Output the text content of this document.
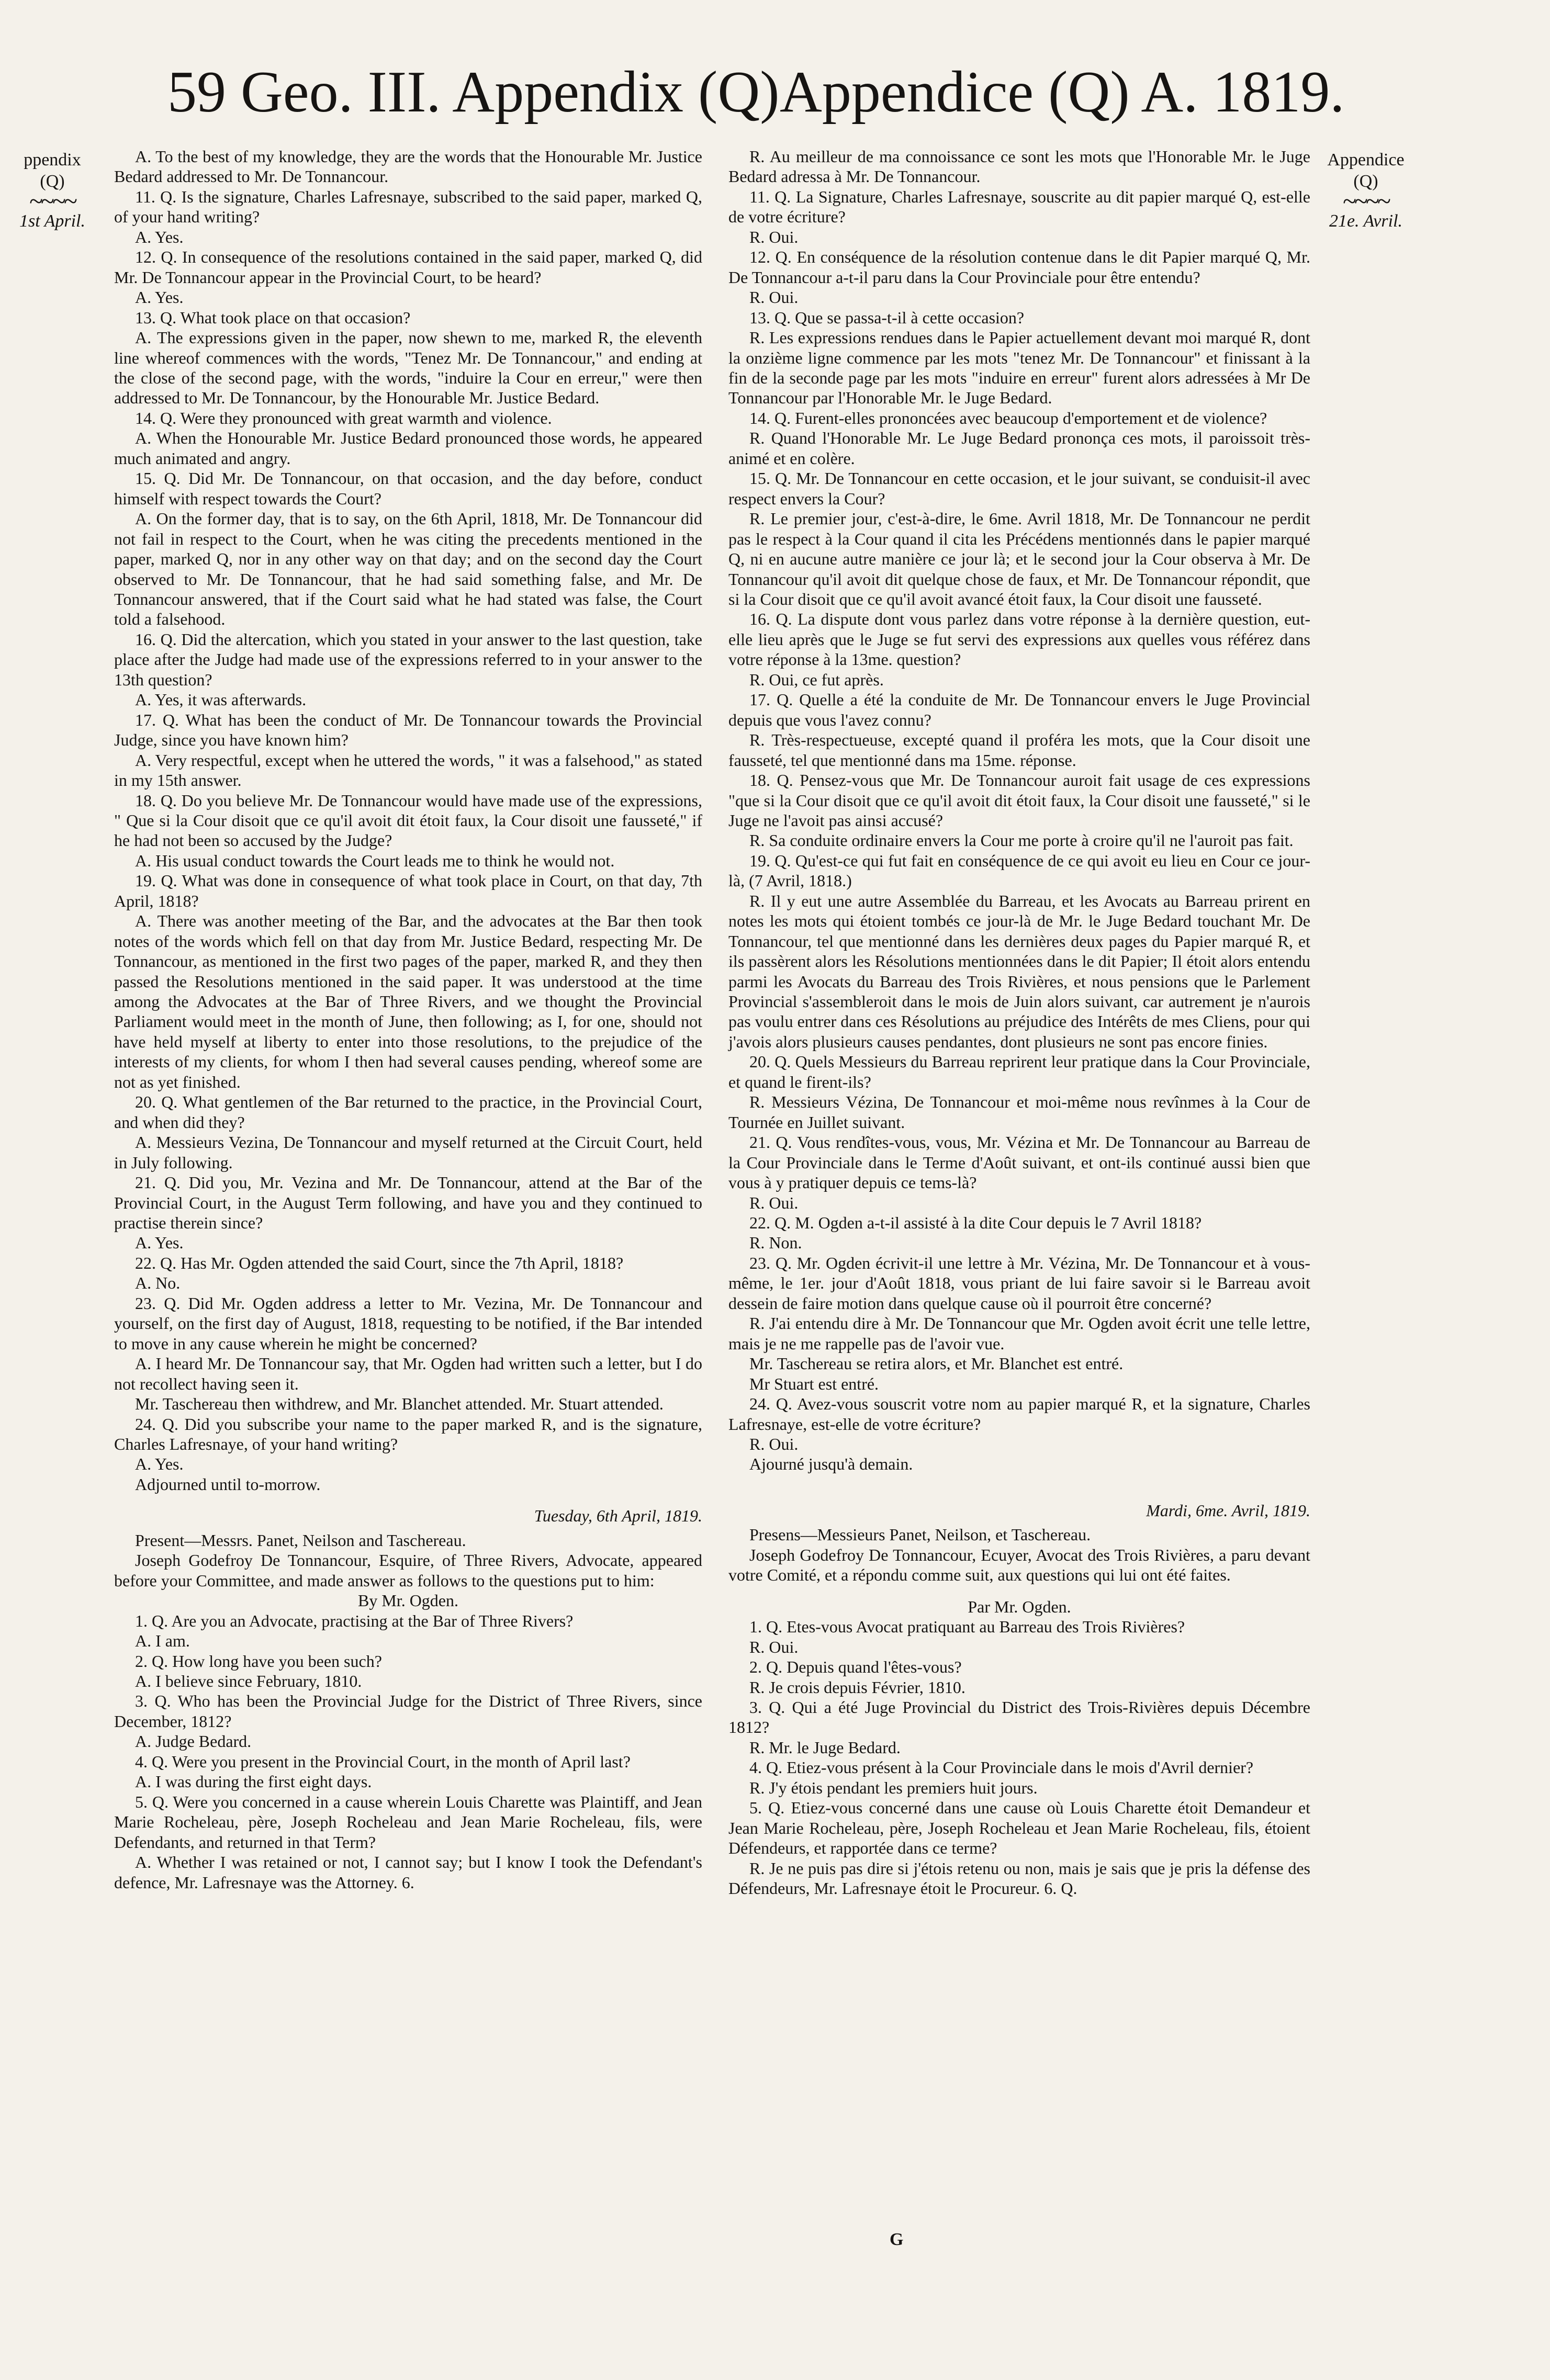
59 Geo. III. Appendix (Q) Appendice (Q) A. 1819.
ppendix
(Q)
~~~~
1st April.
Appendice
(Q)
~~~~
21e. Avril.

A. To the best of my knowledge, they are the words that the Honourable Mr. Justice Bedard addressed to Mr. De Tonnancour.

11. Q. Is the signature, Charles Lafresnaye, subscribed to the said paper, marked Q, of your hand writing?

A. Yes.

12. Q. In consequence of the resolutions contained in the said paper, marked Q, did Mr. De Tonnancour appear in the Provincial Court, to be heard?

A. Yes.

13. Q. What took place on that occasion?

A. The expressions given in the paper, now shewn to me, marked R, the eleventh line whereof commences with the words, "Tenez Mr. De Tonnancour," and ending at the close of the second page, with the words, "induire la Cour en erreur," were then addressed to Mr. De Tonnancour, by the Honourable Mr. Justice Bedard.

14. Q. Were they pronounced with great warmth and violence.

A. When the Honourable Mr. Justice Bedard pronounced those words, he appeared much animated and angry.

15. Q. Did Mr. De Tonnancour, on that occasion, and the day before, conduct himself with respect towards the Court?

A. On the former day, that is to say, on the 6th April, 1818, Mr. De Tonnancour did not fail in respect to the Court, when he was citing the precedents mentioned in the paper, marked Q, nor in any other way on that day; and on the second day the Court observed to Mr. De Tonnancour, that he had said something false, and Mr. De Tonnancour answered, that if the Court said what he had stated was false, the Court told a falsehood.

16. Q. Did the altercation, which you stated in your answer to the last question, take place after the Judge had made use of the expressions referred to in your answer to the 13th question?

A. Yes, it was afterwards.

17. Q. What has been the conduct of Mr. De Tonnancour towards the Provincial Judge, since you have known him?

A. Very respectful, except when he uttered the words, " it was a falsehood," as stated in my 15th answer.

18. Q. Do you believe Mr. De Tonnancour would have made use of the expressions, " Que si la Cour disoit que ce qu'il avoit dit étoit faux, la Cour disoit une fausseté," if he had not been so accused by the Judge?

A. His usual conduct towards the Court leads me to think he would not.

19. Q. What was done in consequence of what took place in Court, on that day, 7th April, 1818?

A. There was another meeting of the Bar, and the advocates at the Bar then took notes of the words which fell on that day from Mr. Justice Bedard, respecting Mr. De Tonnancour, as mentioned in the first two pages of the paper, marked R, and they then passed the Resolutions mentioned in the said paper. It was understood at the time among the Advocates at the Bar of Three Rivers, and we thought the Provincial Parliament would meet in the month of June, then following; as I, for one, should not have held myself at liberty to enter into those resolutions, to the prejudice of the interests of my clients, for whom I then had several causes pending, whereof some are not as yet finished.

20. Q. What gentlemen of the Bar returned to the practice, in the Provincial Court, and when did they?

A. Messieurs Vezina, De Tonnancour and myself returned at the Circuit Court, held in July following.

21. Q. Did you, Mr. Vezina and Mr. De Tonnancour, attend at the Bar of the Provincial Court, in the August Term following, and have you and they continued to practise therein since?

A. Yes.

22. Q. Has Mr. Ogden attended the said Court, since the 7th April, 1818?

A. No.

23. Q. Did Mr. Ogden address a letter to Mr. Vezina, Mr. De Tonnancour and yourself, on the first day of August, 1818, requesting to be notified, if the Bar intended to move in any cause wherein he might be concerned?

A. I heard Mr. De Tonnancour say, that Mr. Ogden had written such a letter, but I do not recollect having seen it.

Mr. Taschereau then withdrew, and Mr. Blanchet attended. Mr. Stuart attended.

24. Q. Did you subscribe your name to the paper marked R, and is the signature, Charles Lafresnaye, of your hand writing?

A. Yes.

Adjourned until to-morrow.

Tuesday, 6th April, 1819.

Present—Messrs. Panet, Neilson and Taschereau.

Joseph Godefroy De Tonnancour, Esquire, of Three Rivers, Advocate, appeared before your Committee, and made answer as follows to the questions put to him:

By Mr. Ogden.

1. Q. Are you an Advocate, practising at the Bar of Three Rivers?

A. I am.

2. Q. How long have you been such?

A. I believe since February, 1810.

3. Q. Who has been the Provincial Judge for the District of Three Rivers, since December, 1812?

A. Judge Bedard.

4. Q. Were you present in the Provincial Court, in the month of April last?

A. I was during the first eight days.

5. Q. Were you concerned in a cause wherein Louis Charette was Plaintiff, and Jean Marie Rocheleau, père, Joseph Rocheleau and Jean Marie Rocheleau, fils, were Defendants, and returned in that Term?

A. Whether I was retained or not, I cannot say; but I know I took the Defendant's defence, Mr. Lafresnaye was the Attorney. 6.

R. Au meilleur de ma connoissance ce sont les mots que l'Honorable Mr. le Juge Bedard adressa à Mr. De Tonnancour.

11. Q. La Signature, Charles Lafresnaye, souscrite au dit papier marqué Q, est-elle de votre écriture?

R. Oui.

12. Q. En conséquence de la résolution contenue dans le dit Papier marqué Q, Mr. De Tonnancour a-t-il paru dans la Cour Provinciale pour être entendu?

R. Oui.

13. Q. Que se passa-t-il à cette occasion?

R. Les expressions rendues dans le Papier actuellement devant moi marqué R, dont la onzième ligne commence par les mots "tenez Mr. De Tonnancour" et finissant à la fin de la seconde page par les mots "induire en erreur" furent alors adressées à Mr De Tonnancour par l'Honorable Mr. le Juge Bedard.

14. Q. Furent-elles prononcées avec beaucoup d'emportement et de violence?

R. Quand l'Honorable Mr. Le Juge Bedard prononça ces mots, il paroissoit très-animé et en colère.

15. Q. Mr. De Tonnancour en cette occasion, et le jour suivant, se conduisit-il avec respect envers la Cour?

R. Le premier jour, c'est-à-dire, le 6me. Avril 1818, Mr. De Tonnancour ne perdit pas le respect à la Cour quand il cita les Précédens mentionnés dans le papier marqué Q, ni en aucune autre manière ce jour là; et le second jour la Cour observa à Mr. De Tonnancour qu'il avoit dit quelque chose de faux, et Mr. De Tonnancour répondit, que si la Cour disoit que ce qu'il avoit avancé étoit faux, la Cour disoit une fausseté.

16. Q. La dispute dont vous parlez dans votre réponse à la dernière question, eut-elle lieu après que le Juge se fut servi des expressions aux quelles vous référez dans votre réponse à la 13me. question?

R. Oui, ce fut après.

17. Q. Quelle a été la conduite de Mr. De Tonnancour envers le Juge Provincial depuis que vous l'avez connu?

R. Très-respectueuse, excepté quand il proféra les mots, que la Cour disoit une fausseté, tel que mentionné dans ma 15me. réponse.

18. Q. Pensez-vous que Mr. De Tonnancour auroit fait usage de ces expressions "que si la Cour disoit que ce qu'il avoit dit étoit faux, la Cour disoit une fausseté," si le Juge ne l'avoit pas ainsi accusé?

R. Sa conduite ordinaire envers la Cour me porte à croire qu'il ne l'auroit pas fait.

19. Q. Qu'est-ce qui fut fait en conséquence de ce qui avoit eu lieu en Cour ce jour-là, (7 Avril, 1818.)

R. Il y eut une autre Assemblée du Barreau, et les Avocats au Barreau prirent en notes les mots qui étoient tombés ce jour-là de Mr. le Juge Bedard touchant Mr. De Tonnancour, tel que mentionné dans les dernières deux pages du Papier marqué R, et ils passèrent alors les Résolutions mentionnées dans le dit Papier; Il étoit alors entendu parmi les Avocats du Barreau des Trois Rivières, et nous pensions que le Parlement Provincial s'assembleroit dans le mois de Juin alors suivant, car autrement je n'aurois pas voulu entrer dans ces Résolutions au préjudice des Intérêts de mes Cliens, pour qui j'avois alors plusieurs causes pendantes, dont plusieurs ne sont pas encore finies.

20. Q. Quels Messieurs du Barreau reprirent leur pratique dans la Cour Provinciale, et quand le firent-ils?

R. Messieurs Vézina, De Tonnancour et moi-même nous revînmes à la Cour de Tournée en Juillet suivant.

21. Q. Vous rendîtes-vous, vous, Mr. Vézina et Mr. De Tonnancour au Barreau de la Cour Provinciale dans le Terme d'Août suivant, et ont-ils continué aussi bien que vous à y pratiquer depuis ce tems-là?

R. Oui.

22. Q. M. Ogden a-t-il assisté à la dite Cour depuis le 7 Avril 1818?

R. Non.

23. Q. Mr. Ogden écrivit-il une lettre à Mr. Vézina, Mr. De Tonnancour et à vous-même, le 1er. jour d'Août 1818, vous priant de lui faire savoir si le Barreau avoit dessein de faire motion dans quelque cause où il pourroit être concerné?

R. J'ai entendu dire à Mr. De Tonnancour que Mr. Ogden avoit écrit une telle lettre, mais je ne me rappelle pas de l'avoir vue.

Mr. Taschereau se retira alors, et Mr. Blanchet est entré.

Mr Stuart est entré.

24. Q. Avez-vous souscrit votre nom au papier marqué R, et la signature, Charles Lafresnaye, est-elle de votre écriture?

R. Oui.

Ajourné jusqu'à demain.

Mardi, 6me. Avril, 1819.

Presens—Messieurs Panet, Neilson, et Taschereau.

Joseph Godefroy De Tonnancour, Ecuyer, Avocat des Trois Rivières, a paru devant votre Comité, et a répondu comme suit, aux questions qui lui ont été faites.

Par Mr. Ogden.

1. Q. Etes-vous Avocat pratiquant au Barreau des Trois Rivières?

R. Oui.

2. Q. Depuis quand l'êtes-vous?

R. Je crois depuis Février, 1810.

3. Q. Qui a été Juge Provincial du District des Trois-Rivières depuis Décembre 1812?

R. Mr. le Juge Bedard.

4. Q. Etiez-vous présent à la Cour Provinciale dans le mois d'Avril dernier?

R. J'y étois pendant les premiers huit jours.

5. Q. Etiez-vous concerné dans une cause où Louis Charette étoit Demandeur et Jean Marie Rocheleau, père, Joseph Rocheleau et Jean Marie Rocheleau, fils, étoient Défendeurs, et rapportée dans ce terme?

R. Je ne puis pas dire si j'étois retenu ou non, mais je sais que je pris la défense des Défendeurs, Mr. Lafresnaye étoit le Procureur. 6. Q.

G
